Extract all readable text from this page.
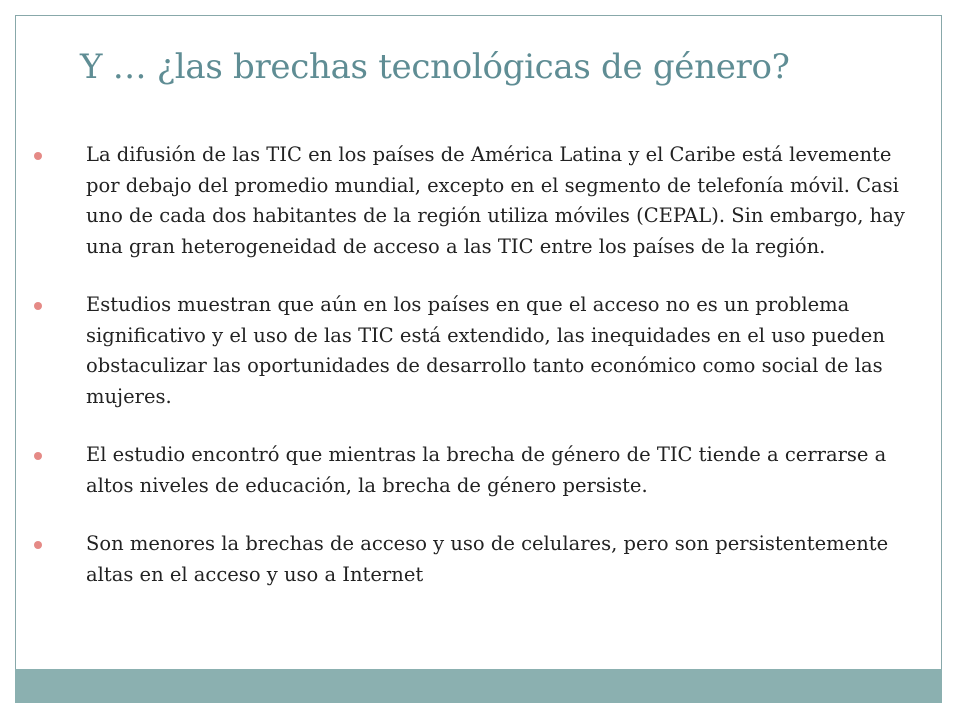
Y … ¿las brechas tecnológicas de género?
La difusión de las TIC en los países de América Latina y el Caribe está levemente por debajo del promedio mundial, excepto en el segmento de telefonía móvil. Casi uno de cada dos habitantes de la región utiliza móviles (CEPAL). Sin embargo, hay una gran heterogeneidad de acceso a las TIC entre los países de la región.
Estudios muestran que aún en los países en que el acceso no es un problema significativo y el uso de las TIC está extendido, las inequidades en el uso pueden obstaculizar las oportunidades de desarrollo tanto económico como social de las mujeres.
El estudio encontró que mientras la brecha de género de TIC tiende a cerrarse a altos niveles de educación, la brecha de género persiste.
Son menores la brechas de acceso y uso de celulares, pero son persistentemente altas en el acceso y uso a Internet
